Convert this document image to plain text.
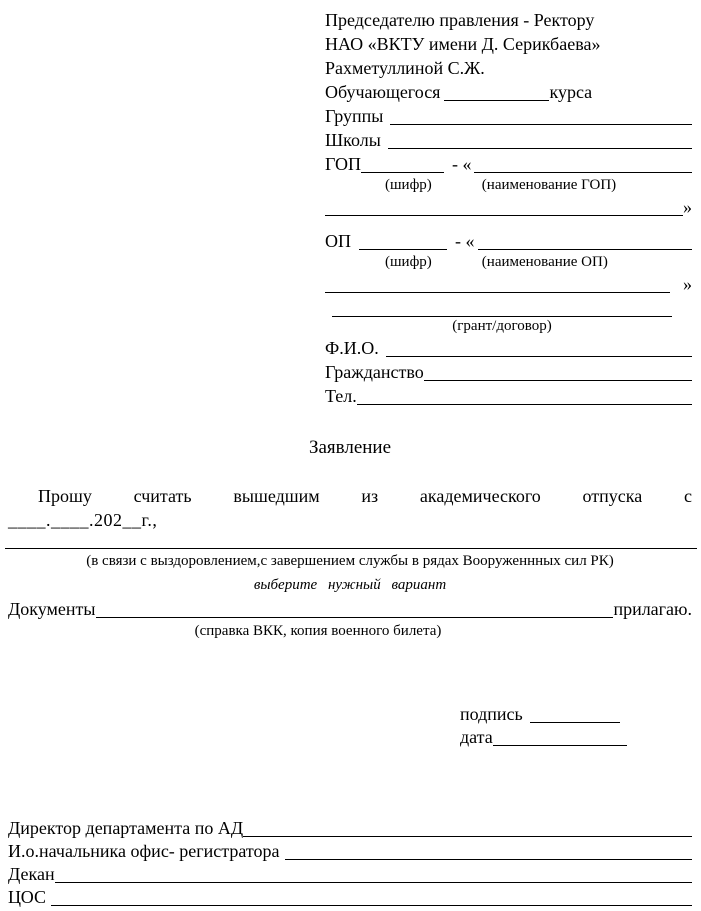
Председателю правления - Ректору
НАО «ВКТУ имени Д. Серикбаева»
Рахметуллиной С.Ж.
Обучающегося	курса
Группы
Школы
ГОП	- «
(шифр)	(наименование ГОП)
»
ОП	- «
(шифр)	(наименование ОП)
»
(грант/договор)
Ф.И.О.
Гражданство
Тел.
Заявление
Прошу считать вышедшим из академического отпуска с
____.____.202__г.,
(в связи с выздоровлением,с завершением службы в рядах Вооруженнных сил РК)
выберите нужный вариант
Документы	прилагаю.
(справка ВКК, копия военного билета)
подпись
дата
Директор департамента по АД
И.о.начальника офис- регистратора
Декан
ЦОС
